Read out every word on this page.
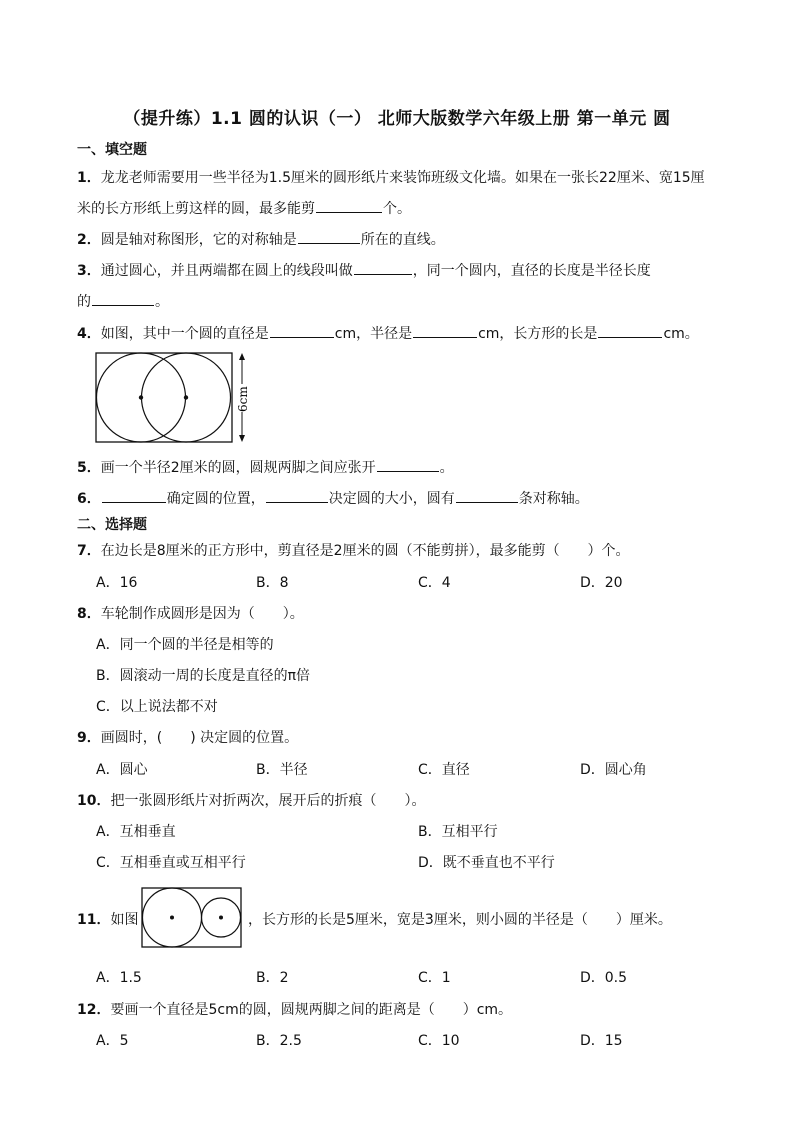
（提升练）1.1 圆的认识（一） 北师大版数学六年级上册 第一单元 圆
一、填空题
1．龙龙老师需要用一些半径为1.5厘米的圆形纸片来装饰班级文化墙。如果在一张长22厘米、宽15厘
米的长方形纸上剪这样的圆，最多能剪	个。
2．圆是轴对称图形，它的对称轴是	所在的直线。
3．通过圆心，并且两端都在圆上的线段叫做	，同一个圆内，直径的长度是半径长度
的	。
4．如图，其中一个圆的直径是	cm，半径是	cm，长方形的长是	cm。
6cm
5．画一个半径2厘米的圆，圆规两脚之间应张开	。
6．	确定圆的位置，	决定圆的大小，圆有	条对称轴。
二、选择题
7．在边长是8厘米的正方形中，剪直径是2厘米的圆（不能剪拼），最多能剪（　　）个。
A．16	B．8	C．4	D．20
8．车轮制作成圆形是因为（　　）。
A．同一个圆的半径是相等的
B．圆滚动一周的长度是直径的π倍
C．以上说法都不对
9．画圆时，(　　) 决定圆的位置。
A．圆心	B．半径	C．直径	D．圆心角
10．把一张圆形纸片对折两次，展开后的折痕（　　）。
A．互相垂直	B．互相平行
C．互相垂直或互相平行	D．既不垂直也不平行
11．如图	，长方形的长是5厘米，宽是3厘米，则小圆的半径是（　　）厘米。
A．1.5	B．2	C．1	D．0.5
12．要画一个直径是5cm的圆，圆规两脚之间的距离是（　　）cm。
A．5	B．2.5	C．10	D．15
